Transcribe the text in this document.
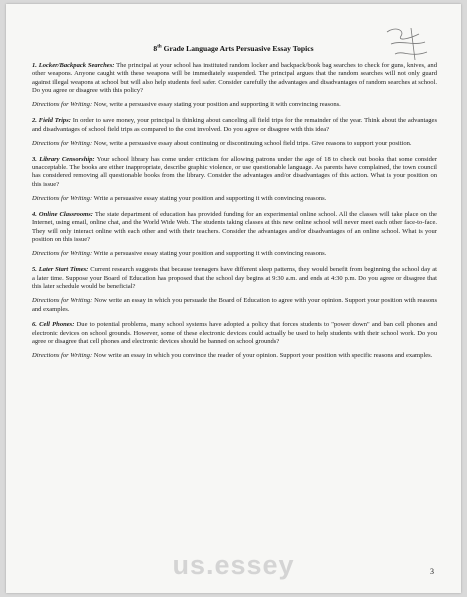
8th Grade Language Arts Persuasive Essay Topics

1. Locker/Backpack Searches: The principal at your school has instituted random locker and backpack/book bag searches to check for guns, knives, and other weapons. Anyone caught with these weapons will be immediately suspended. The principal argues that the random searches will not only guard against illegal weapons at school but will also help students feel safer. Consider carefully the advantages and disadvantages of random searches at school. Do you agree or disagree with this policy?

Directions for Writing: Now, write a persuasive essay stating your position and supporting it with convincing reasons.

2. Field Trips: In order to save money, your principal is thinking about canceling all field trips for the remainder of the year. Think about the advantages and disadvantages of school field trips as compared to the cost involved. Do you agree or disagree with this idea?

Directions for Writing: Now, write a persuasive essay about continuing or discontinuing school field trips. Give reasons to support your position.

3. Library Censorship: Your school library has come under criticism for allowing patrons under the age of 18 to check out books that some consider unacceptable. The books are either inappropriate, describe graphic violence, or use questionable language. As parents have complained, the town council has considered removing all questionable books from the library. Consider the advantages and/or disadvantages of this action. What is your position on this issue?

Directions for Writing: Write a persuasive essay stating your position and supporting it with convincing reasons.

4. Online Classrooms: The state department of education has provided funding for an experimental online school. All the classes will take place on the Internet, using email, online chat, and the World Wide Web. The students taking classes at this new online school will never meet each other face-to-face. They will only interact online with each other and with their teachers. Consider the advantages and/or disadvantages of an online school. What is your position on this issue?

Directions for Writing: Write a persuasive essay stating your position and supporting it with convincing reasons.

5. Later Start Times: Current research suggests that because teenagers have different sleep patterns, they would benefit from beginning the school day at a later time. Suppose your Board of Education has proposed that the school day begins at 9:30 a.m. and ends at 4:30 p.m. Do you agree or disagree that this later schedule would be beneficial?

Directions for Writing: Now write an essay in which you persuade the Board of Education to agree with your opinion. Support your position with reasons and examples.

6. Cell Phones: Due to potential problems, many school systems have adopted a policy that forces students to "power down" and ban cell phones and electronic devices on school grounds. However, some of these electronic devices could actually be used to help students with their school work. Do you agree or disagree that cell phones and electronic devices should be banned on school grounds?

Directions for Writing: Now write an essay in which you convince the reader of your opinion. Support your position with specific reasons and examples.

us.essey	3
